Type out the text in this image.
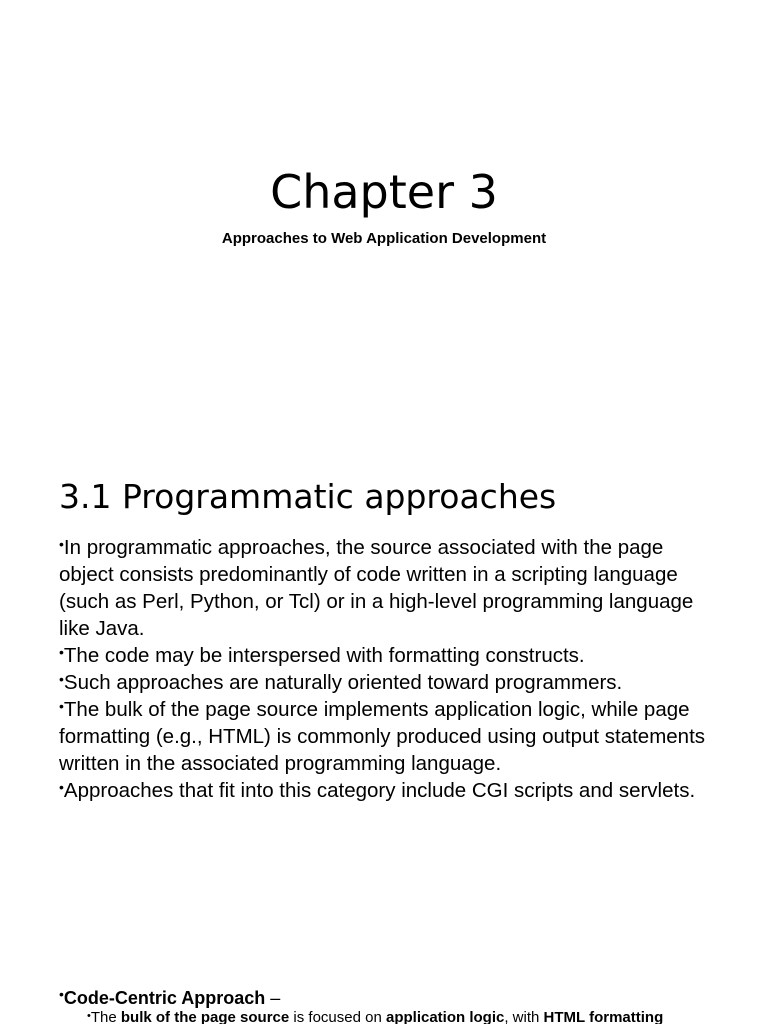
Chapter 3

Approaches to Web Application Development

3.1 Programmatic approaches
•In programmatic approaches, the source associated with the page object consists predominantly of code written in a scripting language (such as Perl, Python, or Tcl) or in a high-level programming language like Java.
•The code may be interspersed with formatting constructs.
•Such approaches are naturally oriented toward programmers.
•The bulk of the page source implements application logic, while page formatting (e.g., HTML) is commonly produced using output statements written in the associated programming language.
•Approaches that fit into this category include CGI scripts and servlets.

•Code-Centric Approach –

•The bulk of the page source is focused on application logic, with HTML formatting
